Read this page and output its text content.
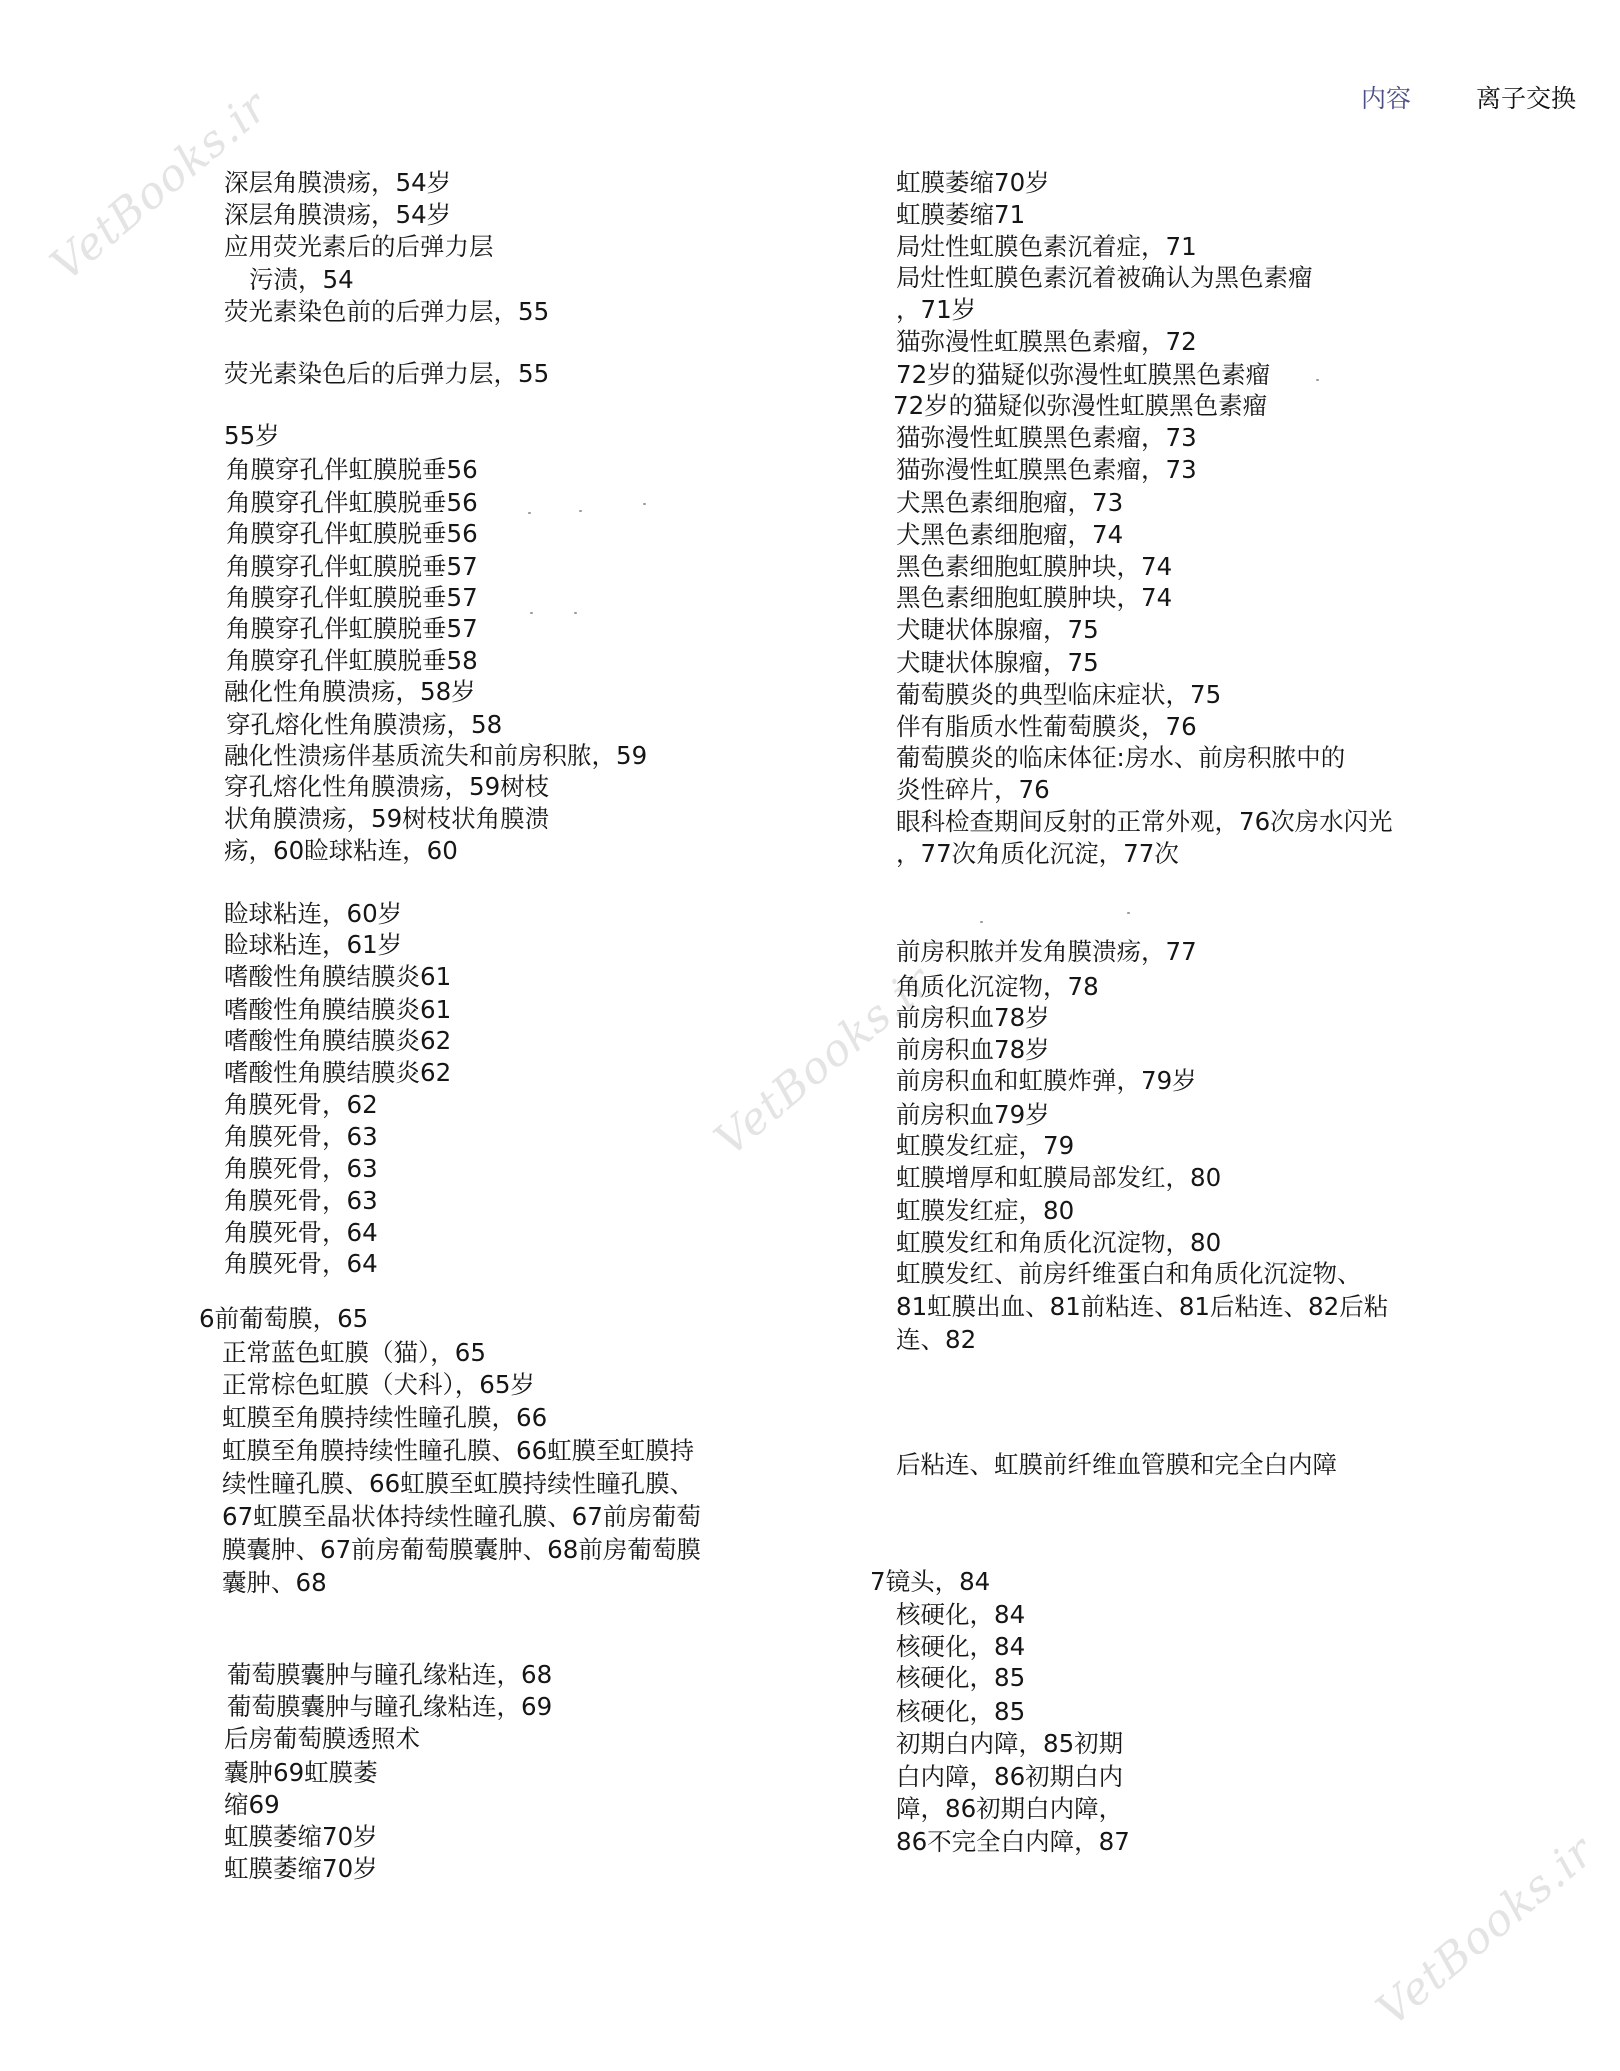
内容	离子交换
VetBooks.ir
VetBooks.ir
VetBooks.ir
深层角膜溃疡，54岁
深层角膜溃疡，54岁
应用荧光素后的后弹力层
污渍，54
荧光素染色前的后弹力层，55
荧光素染色后的后弹力层，55
55岁
角膜穿孔伴虹膜脱垂56
角膜穿孔伴虹膜脱垂56
角膜穿孔伴虹膜脱垂56
角膜穿孔伴虹膜脱垂57
角膜穿孔伴虹膜脱垂57
角膜穿孔伴虹膜脱垂57
角膜穿孔伴虹膜脱垂58
融化性角膜溃疡，58岁
穿孔熔化性角膜溃疡，58
融化性溃疡伴基质流失和前房积脓，59
穿孔熔化性角膜溃疡，59树枝
状角膜溃疡，59树枝状角膜溃
疡，60睑球粘连，60
睑球粘连，60岁
睑球粘连，61岁
嗜酸性角膜结膜炎61
嗜酸性角膜结膜炎61
嗜酸性角膜结膜炎62
嗜酸性角膜结膜炎62
角膜死骨，62
角膜死骨，63
角膜死骨，63
角膜死骨，63
角膜死骨，64
角膜死骨，64
6前葡萄膜，65
正常蓝色虹膜（猫），65
正常棕色虹膜（犬科），65岁
虹膜至角膜持续性瞳孔膜，66
虹膜至角膜持续性瞳孔膜、66虹膜至虹膜持
续性瞳孔膜、66虹膜至虹膜持续性瞳孔膜、
67虹膜至晶状体持续性瞳孔膜、67前房葡萄
膜囊肿、67前房葡萄膜囊肿、68前房葡萄膜
囊肿、68
葡萄膜囊肿与瞳孔缘粘连，68
葡萄膜囊肿与瞳孔缘粘连，69
后房葡萄膜透照术
囊肿69虹膜萎
缩69
虹膜萎缩70岁
虹膜萎缩70岁
虹膜萎缩70岁
虹膜萎缩71
局灶性虹膜色素沉着症，71
局灶性虹膜色素沉着被确认为黑色素瘤
，71岁
猫弥漫性虹膜黑色素瘤，72
72岁的猫疑似弥漫性虹膜黑色素瘤
72岁的猫疑似弥漫性虹膜黑色素瘤
猫弥漫性虹膜黑色素瘤，73
猫弥漫性虹膜黑色素瘤，73
犬黑色素细胞瘤，73
犬黑色素细胞瘤，74
黑色素细胞虹膜肿块，74
黑色素细胞虹膜肿块，74
犬睫状体腺瘤，75
犬睫状体腺瘤，75
葡萄膜炎的典型临床症状，75
伴有脂质水性葡萄膜炎，76
葡萄膜炎的临床体征:房水、前房积脓中的
炎性碎片，76
眼科检查期间反射的正常外观，76次房水闪光
，77次角质化沉淀，77次
前房积脓并发角膜溃疡，77
角质化沉淀物，78
前房积血78岁
前房积血78岁
前房积血和虹膜炸弹，79岁
前房积血79岁
虹膜发红症，79
虹膜增厚和虹膜局部发红，80
虹膜发红症，80
虹膜发红和角质化沉淀物，80
虹膜发红、前房纤维蛋白和角质化沉淀物、
81虹膜出血、81前粘连、81后粘连、82后粘
连、82
后粘连、虹膜前纤维血管膜和完全白内障
7镜头，84
核硬化，84
核硬化，84
核硬化，85
核硬化，85
初期白内障，85初期
白内障，86初期白内
障，86初期白内障，
86不完全白内障，87
